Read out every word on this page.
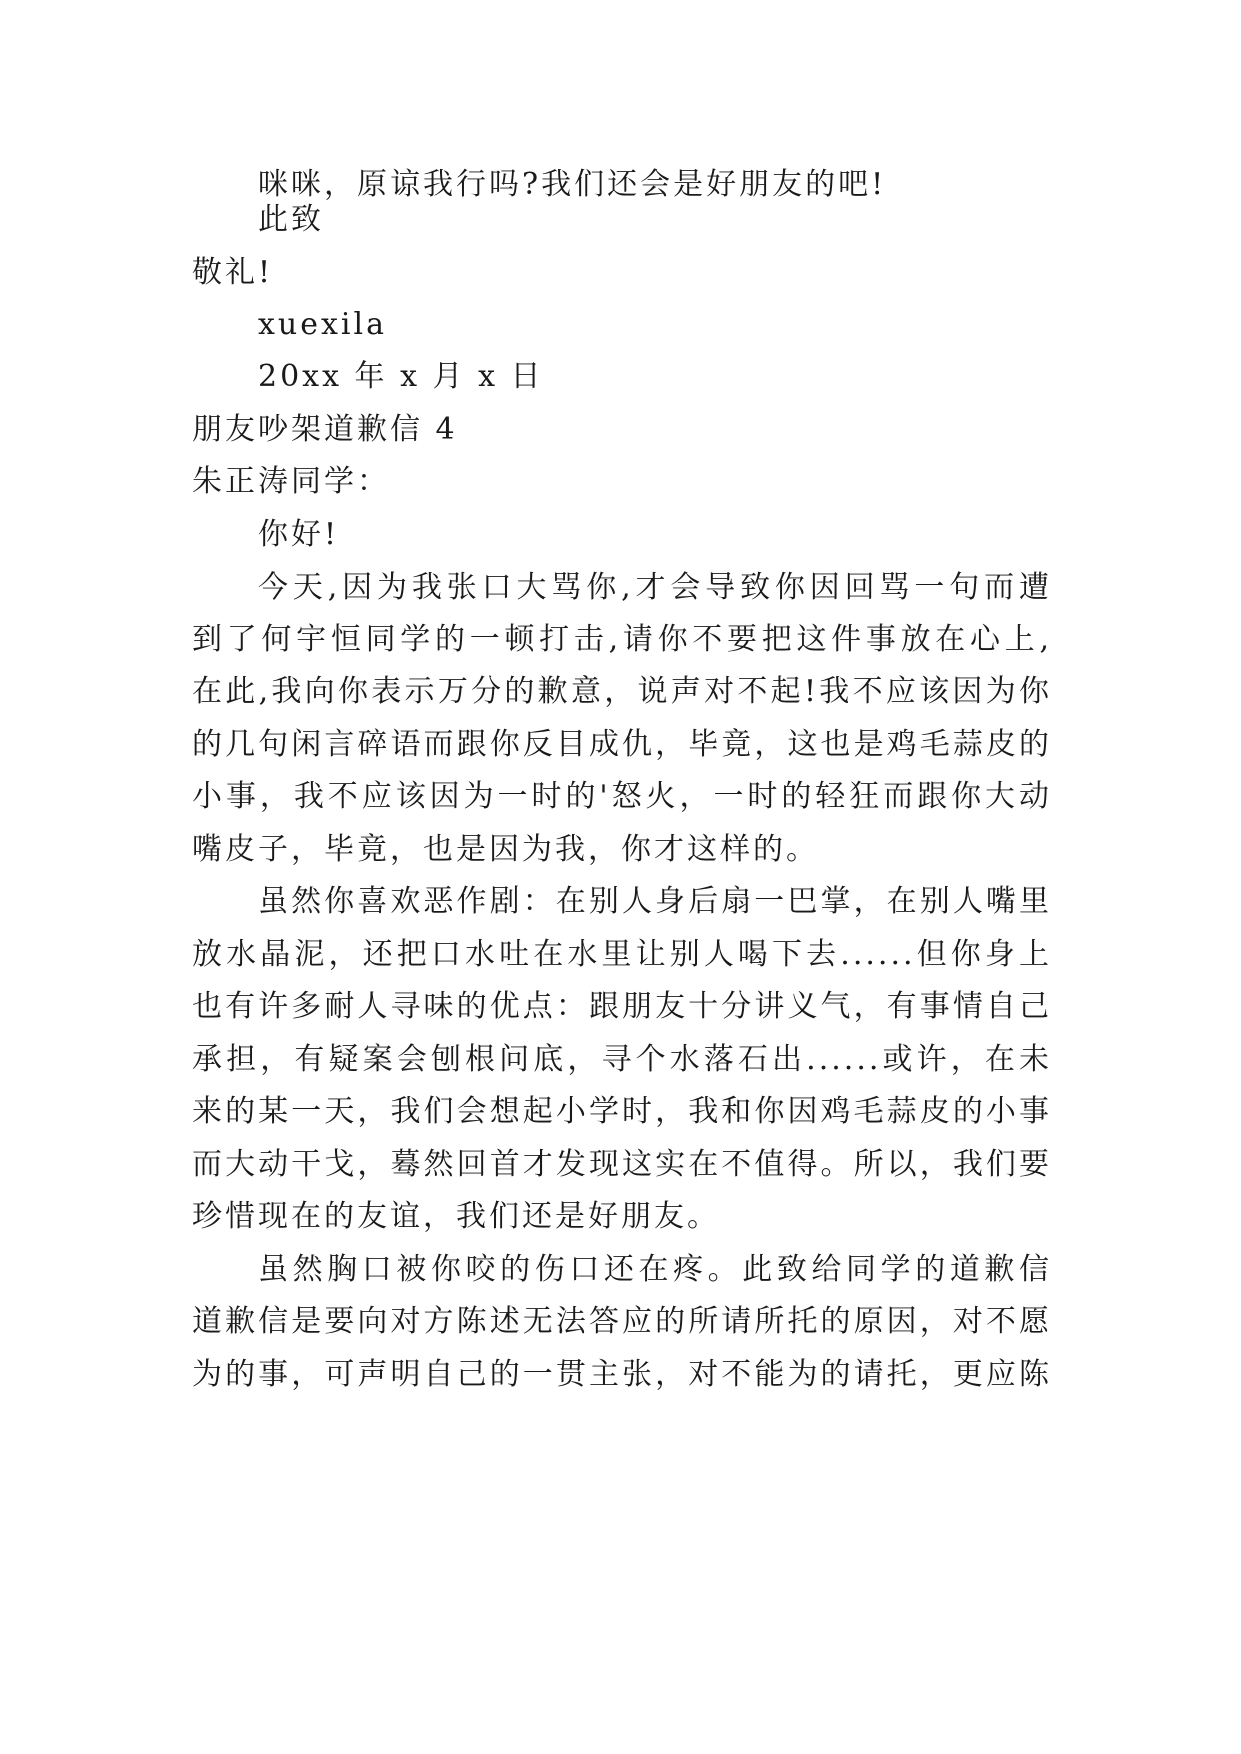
咪咪，原谅我行吗?我们还会是好朋友的吧!
此致
敬礼!
xuexila
20xx 年 x 月 x 日
朋友吵架道歉信 4
朱正涛同学：
你好!
今天,因为我张口大骂你,才会导致你因回骂一句而遭
到了何宇恒同学的一顿打击,请你不要把这件事放在心上,
在此,我向你表示万分的歉意，说声对不起!我不应该因为你
的几句闲言碎语而跟你反目成仇，毕竟，这也是鸡毛蒜皮的
小事，我不应该因为一时的'怒火，一时的轻狂而跟你大动
嘴皮子，毕竟，也是因为我，你才这样的。
虽然你喜欢恶作剧：在别人身后扇一巴掌，在别人嘴里
放水晶泥，还把口水吐在水里让别人喝下去......但你身上
也有许多耐人寻味的优点：跟朋友十分讲义气，有事情自己
承担，有疑案会刨根问底，寻个水落石出......或许，在未
来的某一天，我们会想起小学时，我和你因鸡毛蒜皮的小事
而大动干戈，蓦然回首才发现这实在不值得。所以，我们要
珍惜现在的友谊，我们还是好朋友。
虽然胸口被你咬的伤口还在疼。此致给同学的道歉信
道歉信是要向对方陈述无法答应的所请所托的原因，对不愿
为的事，可声明自己的一贯主张，对不能为的请托，更应陈
